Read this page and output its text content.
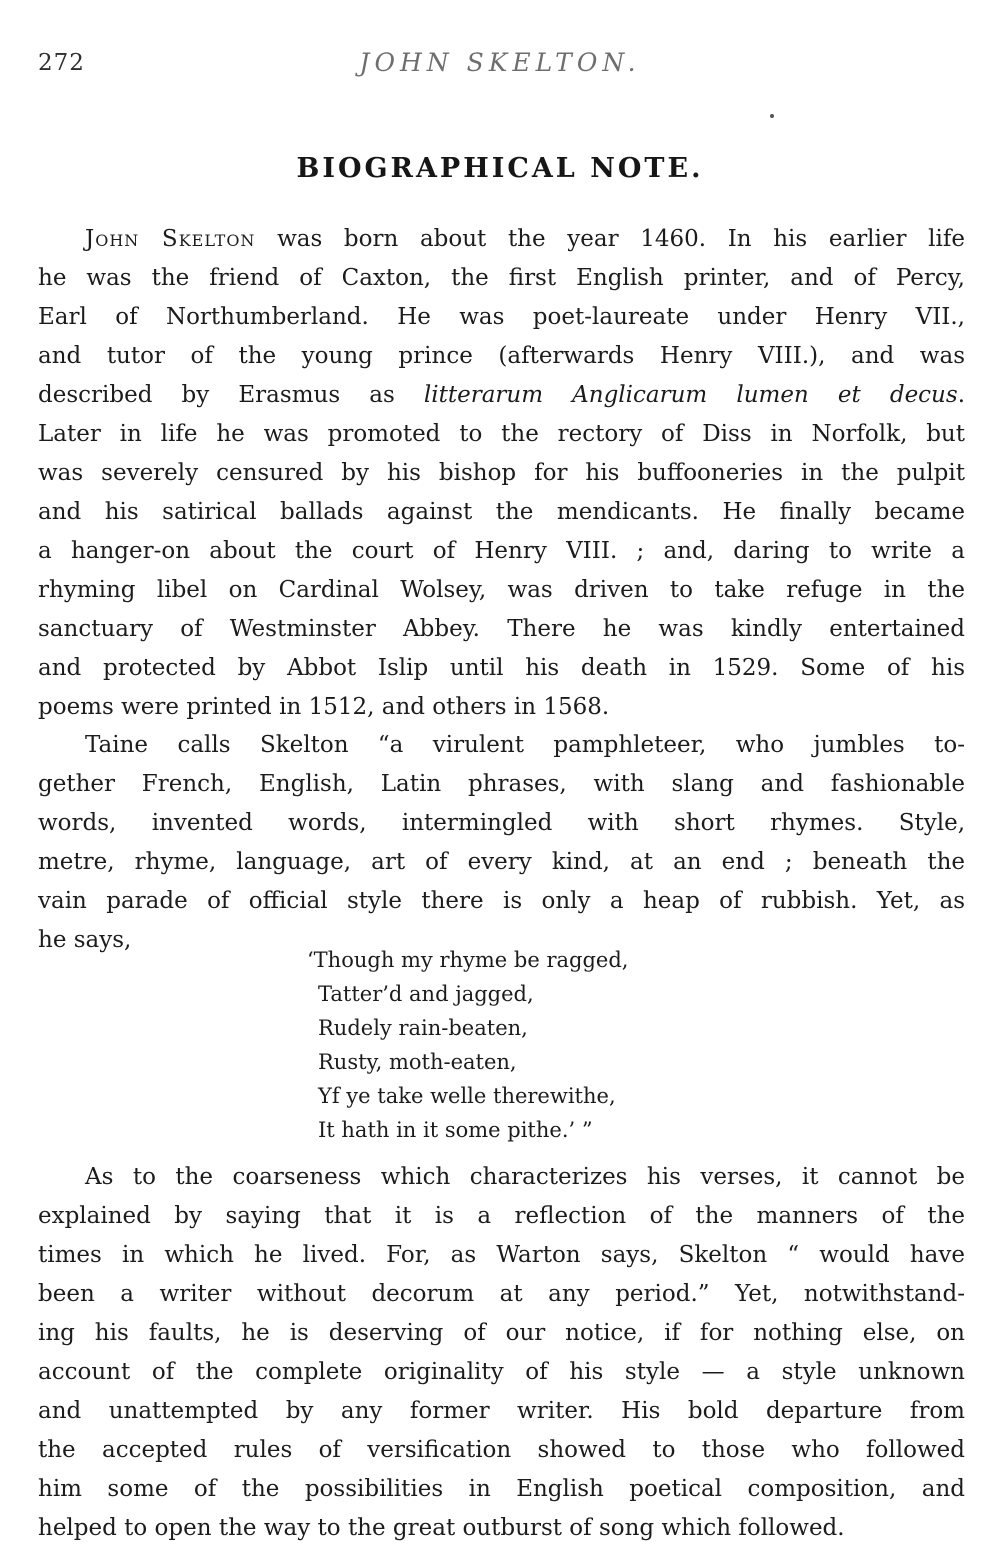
272	JOHN SKELTON.
BIOGRAPHICAL NOTE.
John Skelton was born about the year 1460. In his earlier life
he was the friend of Caxton, the first English printer, and of Percy,
Earl of Northumberland. He was poet-laureate under Henry VII.,
and tutor of the young prince (afterwards Henry VIII.), and was
described by Erasmus as litterarum Anglicarum lumen et decus.
Later in life he was promoted to the rectory of Diss in Norfolk, but
was severely censured by his bishop for his buffooneries in the pulpit
and his satirical ballads against the mendicants. He finally became
a hanger-on about the court of Henry VIII. ; and, daring to write a
rhyming libel on Cardinal Wolsey, was driven to take refuge in the
sanctuary of Westminster Abbey. There he was kindly entertained
and protected by Abbot Islip until his death in 1529. Some of his
poems were printed in 1512, and others in 1568.
Taine calls Skelton “a virulent pamphleteer, who jumbles to-
gether French, English, Latin phrases, with slang and fashionable
words, invented words, intermingled with short rhymes. Style,
metre, rhyme, language, art of every kind, at an end ; beneath the
vain parade of official style there is only a heap of rubbish. Yet, as
he says,
‘Though my rhyme be ragged,
Tatter’d and jagged,
Rudely rain-beaten,
Rusty, moth-eaten,
Yf ye take welle therewithe,
It hath in it some pithe.’ ”
As to the coarseness which characterizes his verses, it cannot be
explained by saying that it is a reflection of the manners of the
times in which he lived. For, as Warton says, Skelton “ would have
been a writer without decorum at any period.” Yet, notwithstand-
ing his faults, he is deserving of our notice, if for nothing else, on
account of the complete originality of his style — a style unknown
and unattempted by any former writer. His bold departure from
the accepted rules of versification showed to those who followed
him some of the possibilities in English poetical composition, and
helped to open the way to the great outburst of song which followed.
